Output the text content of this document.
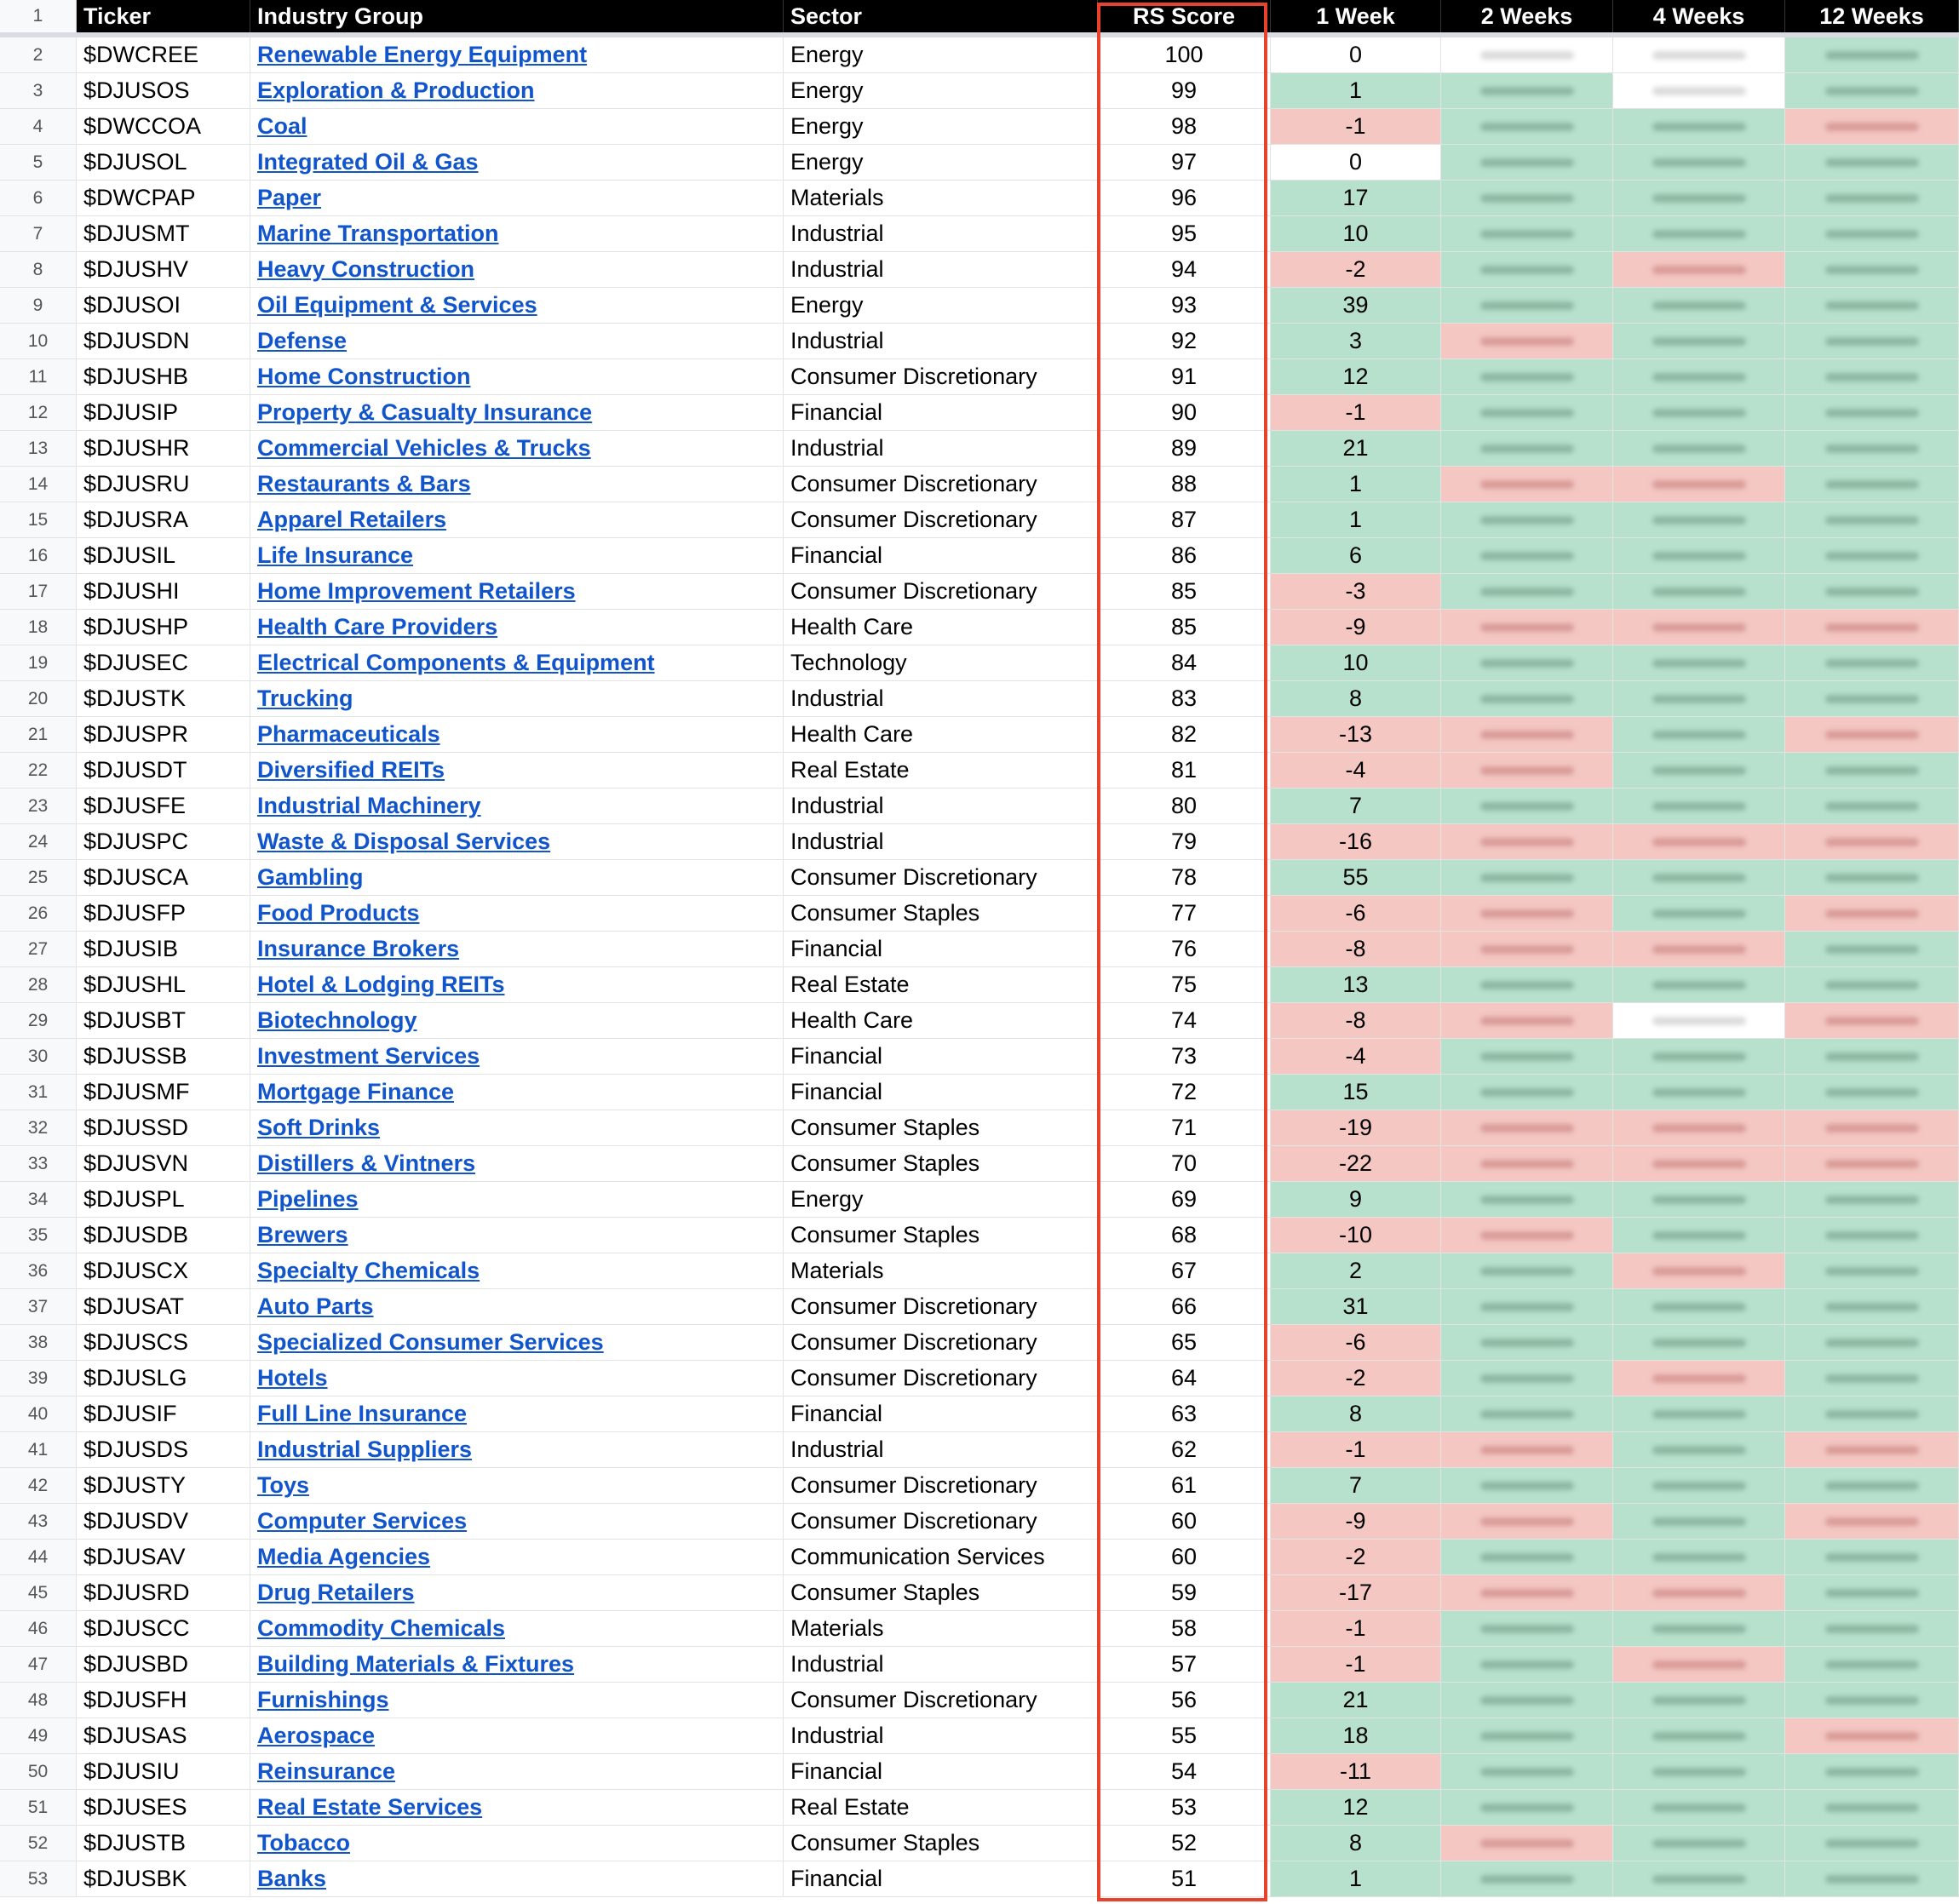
1	Ticker	Industry Group	Sector	RS Score	1 Week	2 Weeks	4 Weeks	12 Weeks
2	$DWCREE	Renewable Energy Equipment	Energy	100	0
3	$DJUSOS	Exploration & Production	Energy	99	1
4	$DWCCOA	Coal	Energy	98	-1
5	$DJUSOL	Integrated Oil & Gas	Energy	97	0
6	$DWCPAP	Paper	Materials	96	17
7	$DJUSMT	Marine Transportation	Industrial	95	10
8	$DJUSHV	Heavy Construction	Industrial	94	-2
9	$DJUSOI	Oil Equipment & Services	Energy	93	39
10	$DJUSDN	Defense	Industrial	92	3
11	$DJUSHB	Home Construction	Consumer Discretionary	91	12
12	$DJUSIP	Property & Casualty Insurance	Financial	90	-1
13	$DJUSHR	Commercial Vehicles & Trucks	Industrial	89	21
14	$DJUSRU	Restaurants & Bars	Consumer Discretionary	88	1
15	$DJUSRA	Apparel Retailers	Consumer Discretionary	87	1
16	$DJUSIL	Life Insurance	Financial	86	6
17	$DJUSHI	Home Improvement Retailers	Consumer Discretionary	85	-3
18	$DJUSHP	Health Care Providers	Health Care	85	-9
19	$DJUSEC	Electrical Components & Equipment	Technology	84	10
20	$DJUSTK	Trucking	Industrial	83	8
21	$DJUSPR	Pharmaceuticals	Health Care	82	-13
22	$DJUSDT	Diversified REITs	Real Estate	81	-4
23	$DJUSFE	Industrial Machinery	Industrial	80	7
24	$DJUSPC	Waste & Disposal Services	Industrial	79	-16
25	$DJUSCA	Gambling	Consumer Discretionary	78	55
26	$DJUSFP	Food Products	Consumer Staples	77	-6
27	$DJUSIB	Insurance Brokers	Financial	76	-8
28	$DJUSHL	Hotel & Lodging REITs	Real Estate	75	13
29	$DJUSBT	Biotechnology	Health Care	74	-8
30	$DJUSSB	Investment Services	Financial	73	-4
31	$DJUSMF	Mortgage Finance	Financial	72	15
32	$DJUSSD	Soft Drinks	Consumer Staples	71	-19
33	$DJUSVN	Distillers & Vintners	Consumer Staples	70	-22
34	$DJUSPL	Pipelines	Energy	69	9
35	$DJUSDB	Brewers	Consumer Staples	68	-10
36	$DJUSCX	Specialty Chemicals	Materials	67	2
37	$DJUSAT	Auto Parts	Consumer Discretionary	66	31
38	$DJUSCS	Specialized Consumer Services	Consumer Discretionary	65	-6
39	$DJUSLG	Hotels	Consumer Discretionary	64	-2
40	$DJUSIF	Full Line Insurance	Financial	63	8
41	$DJUSDS	Industrial Suppliers	Industrial	62	-1
42	$DJUSTY	Toys	Consumer Discretionary	61	7
43	$DJUSDV	Computer Services	Consumer Discretionary	60	-9
44	$DJUSAV	Media Agencies	Communication Services	60	-2
45	$DJUSRD	Drug Retailers	Consumer Staples	59	-17
46	$DJUSCC	Commodity Chemicals	Materials	58	-1
47	$DJUSBD	Building Materials & Fixtures	Industrial	57	-1
48	$DJUSFH	Furnishings	Consumer Discretionary	56	21
49	$DJUSAS	Aerospace	Industrial	55	18
50	$DJUSIU	Reinsurance	Financial	54	-11
51	$DJUSES	Real Estate Services	Real Estate	53	12
52	$DJUSTB	Tobacco	Consumer Staples	52	8
53	$DJUSBK	Banks	Financial	51	1
